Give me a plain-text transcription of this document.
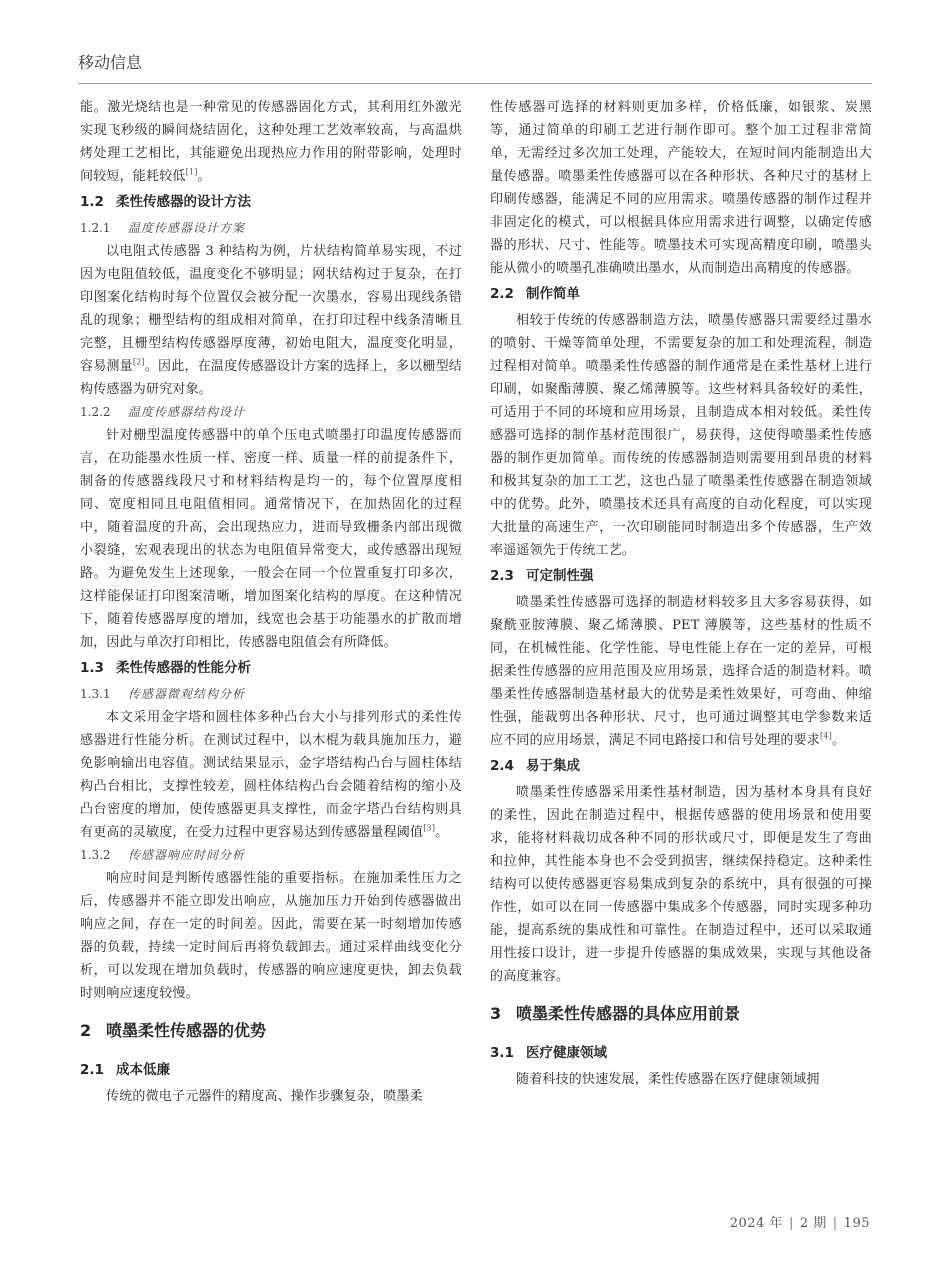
移动信息

能。激光烧结也是一种常见的传感器固化方式，其利用红外激光实现飞秒级的瞬间烧结固化，这种处理工艺效率较高，与高温烘烤处理工艺相比，其能避免出现热应力作用的附带影响，处理时间较短，能耗较低[1]。

1.2 柔性传感器的设计方法
1.2.1 温度传感器设计方案

以电阻式传感器 3 种结构为例，片状结构简单易实现，不过因为电阻值较低，温度变化不够明显；网状结构过于复杂，在打印图案化结构时每个位置仅会被分配一次墨水，容易出现线条错乱的现象；栅型结构的组成相对简单，在打印过程中线条清晰且完整，且栅型结构传感器厚度薄，初始电阻大，温度变化明显，容易测量[2]。因此，在温度传感器设计方案的选择上，多以栅型结构传感器为研究对象。

1.2.2 温度传感器结构设计

针对栅型温度传感器中的单个压电式喷墨打印温度传感器而言，在功能墨水性质一样、密度一样、质量一样的前提条件下，制备的传感器线段尺寸和材料结构是均一的，每个位置厚度相同、宽度相同且电阻值相同。通常情况下，在加热固化的过程中，随着温度的升高，会出现热应力，进而导致栅条内部出现微小裂缝，宏观表现出的状态为电阻值异常变大，或传感器出现短路。为避免发生上述现象，一般会在同一个位置重复打印多次，这样能保证打印图案清晰，增加图案化结构的厚度。在这种情况下，随着传感器厚度的增加，线宽也会基于功能墨水的扩散而增加，因此与单次打印相比，传感器电阻值会有所降低。

1.3 柔性传感器的性能分析
1.3.1 传感器微观结构分析

本文采用金字塔和圆柱体多种凸台大小与排列形式的柔性传感器进行性能分析。在测试过程中，以木棍为载具施加压力，避免影响输出电容值。测试结果显示，金字塔结构凸台与圆柱体结构凸台相比，支撑性较差，圆柱体结构凸台会随着结构的缩小及凸台密度的增加，使传感器更具支撑性，而金字塔凸台结构则具有更高的灵敏度，在受力过程中更容易达到传感器量程阈值[3]。

1.3.2 传感器响应时间分析

响应时间是判断传感器性能的重要指标。在施加柔性压力之后，传感器并不能立即发出响应，从施加压力开始到传感器做出响应之间，存在一定的时间差。因此，需要在某一时刻增加传感器的负载，持续一定时间后再将负载卸去。通过采样曲线变化分析，可以发现在增加负载时，传感器的响应速度更快，卸去负载时则响应速度较慢。

2 喷墨柔性传感器的优势
2.1 成本低廉

传统的微电子元器件的精度高、操作步骤复杂，喷墨柔

性传感器可选择的材料则更加多样，价格低廉，如银浆、炭黑等，通过简单的印刷工艺进行制作即可。整个加工过程非常简单，无需经过多次加工处理，产能较大，在短时间内能制造出大量传感器。喷墨柔性传感器可以在各种形状、各种尺寸的基材上印刷传感器，能满足不同的应用需求。喷墨传感器的制作过程并非固定化的模式，可以根据具体应用需求进行调整，以确定传感器的形状、尺寸、性能等。喷墨技术可实现高精度印刷，喷墨头能从微小的喷墨孔准确喷出墨水，从而制造出高精度的传感器。

2.2 制作简单

相较于传统的传感器制造方法，喷墨传感器只需要经过墨水的喷射、干燥等简单处理，不需要复杂的加工和处理流程，制造过程相对简单。喷墨柔性传感器的制作通常是在柔性基材上进行印刷，如聚酯薄膜、聚乙烯薄膜等。这些材料具备较好的柔性，可适用于不同的环境和应用场景，且制造成本相对较低。柔性传感器可选择的制作基材范围很广，易获得，这使得喷墨柔性传感器的制作更加简单。而传统的传感器制造则需要用到昂贵的材料和极其复杂的加工工艺，这也凸显了喷墨柔性传感器在制造领域中的优势。此外，喷墨技术还具有高度的自动化程度，可以实现大批量的高速生产，一次印刷能同时制造出多个传感器，生产效率遥遥领先于传统工艺。

2.3 可定制性强

喷墨柔性传感器可选择的制造材料较多且大多容易获得，如聚酰亚胺薄膜、聚乙烯薄膜、PET 薄膜等，这些基材的性质不同，在机械性能、化学性能、导电性能上存在一定的差异，可根据柔性传感器的应用范围及应用场景，选择合适的制造材料。喷墨柔性传感器制造基材最大的优势是柔性效果好，可弯曲、伸缩性强，能裁剪出各种形状、尺寸，也可通过调整其电学参数来适应不同的应用场景，满足不同电路接口和信号处理的要求[4]。

2.4 易于集成

喷墨柔性传感器采用柔性基材制造，因为基材本身具有良好的柔性，因此在制造过程中，根据传感器的使用场景和使用要求，能将材料裁切成各种不同的形状或尺寸，即便是发生了弯曲和拉伸，其性能本身也不会受到损害，继续保持稳定。这种柔性结构可以使传感器更容易集成到复杂的系统中，具有很强的可操作性，如可以在同一传感器中集成多个传感器，同时实现多种功能，提高系统的集成性和可靠性。在制造过程中，还可以采取通用性接口设计，进一步提升传感器的集成效果，实现与其他设备的高度兼容。

3 喷墨柔性传感器的具体应用前景
3.1 医疗健康领域

随着科技的快速发展，柔性传感器在医疗健康领域拥

2024 年 | 2 期 | 195
